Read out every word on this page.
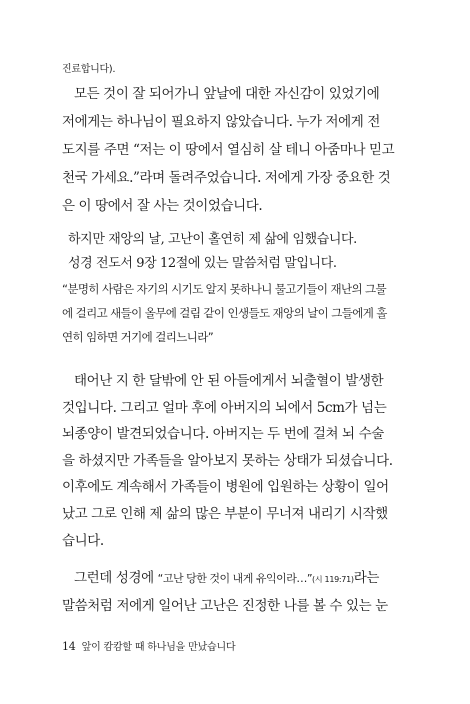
진료합니다).
모든 것이 잘 되어가니 앞날에 대한 자신감이 있었기에
저에게는 하나님이 필요하지 않았습니다. 누가 저에게 전
도지를 주면 “저는 이 땅에서 열심히 살 테니 아줌마나 믿고
천국 가세요.”라며 돌려주었습니다. 저에게 가장 중요한 것
은 이 땅에서 잘 사는 것이었습니다.
하지만 재앙의 날, 고난이 홀연히 제 삶에 임했습니다.
성경 전도서 9장 12절에 있는 말씀처럼 말입니다.
“분명히 사람은 자기의 시기도 알지 못하나니 물고기들이 재난의 그물
에 걸리고 새들이 올무에 걸림 같이 인생들도 재앙의 날이 그들에게 홀
연히 임하면 거기에 걸리느니라”
태어난 지 한 달밖에 안 된 아들에게서 뇌출혈이 발생한
것입니다. 그리고 얼마 후에 아버지의 뇌에서 5cm가 넘는
뇌종양이 발견되었습니다. 아버지는 두 번에 걸쳐 뇌 수술
을 하셨지만 가족들을 알아보지 못하는 상태가 되셨습니다.
이후에도 계속해서 가족들이 병원에 입원하는 상황이 일어
났고 그로 인해 제 삶의 많은 부분이 무너져 내리기 시작했
습니다.
그런데 성경에 “고난 당한 것이 내게 유익이라…”(시 119:71)라는
말씀처럼 저에게 일어난 고난은 진정한 나를 볼 수 있는 눈
14 앞이 캄캄할 때 하나님을 만났습니다
